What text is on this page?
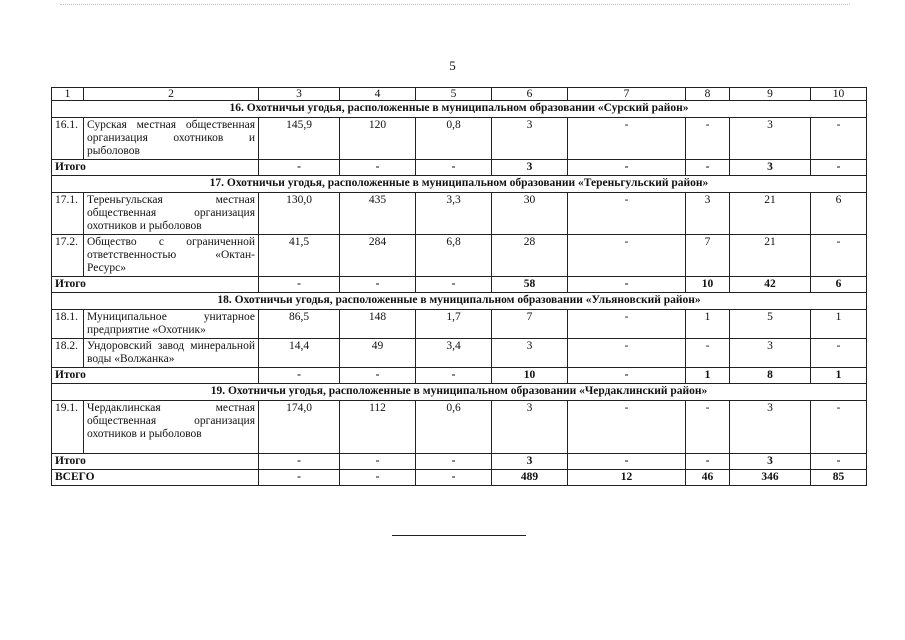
5
1	2	3	4	5	6	7	8	9	10
16. Охотничьи угодья, расположенные в муниципальном образовании «Сурский район»									
16.1.	Сурская местная общественная организация охотников и рыболовов	145,9	120	0,8	3	-	-	3	-
Итого		-	-	-	3	-	-	3	-
17. Охотничьи угодья, расположенные в муниципальном образовании «Тереньгульский район»									
17.1.	Тереньгульская местная общественная организация охотников и рыболовов	130,0	435	3,3	30	-	3	21	6
17.2.	Общество с ограниченной ответственностью «Октан-Ресурс»	41,5	284	6,8	28	-	7	21	-
Итого		-	-	-	58	-	10	42	6
18. Охотничьи угодья, расположенные в муниципальном образовании «Ульяновский район»									
18.1.	Муниципальное унитарное предприятие «Охотник»	86,5	148	1,7	7	-	1	5	1
18.2.	Ундоровский завод минеральной воды «Волжанка»	14,4	49	3,4	3	-	-	3	-
Итого		-	-	-	10	-	1	8	1
19. Охотничьи угодья, расположенные в муниципальном образовании «Чердаклинский район»									
19.1.	Чердаклинская местная общественная организация охотников и рыболовов	174,0	112	0,6	3	-	-	3	-
Итого		-	-	-	3	-	-	3	-
ВСЕГО		-	-	-	489	12	46	346	85
